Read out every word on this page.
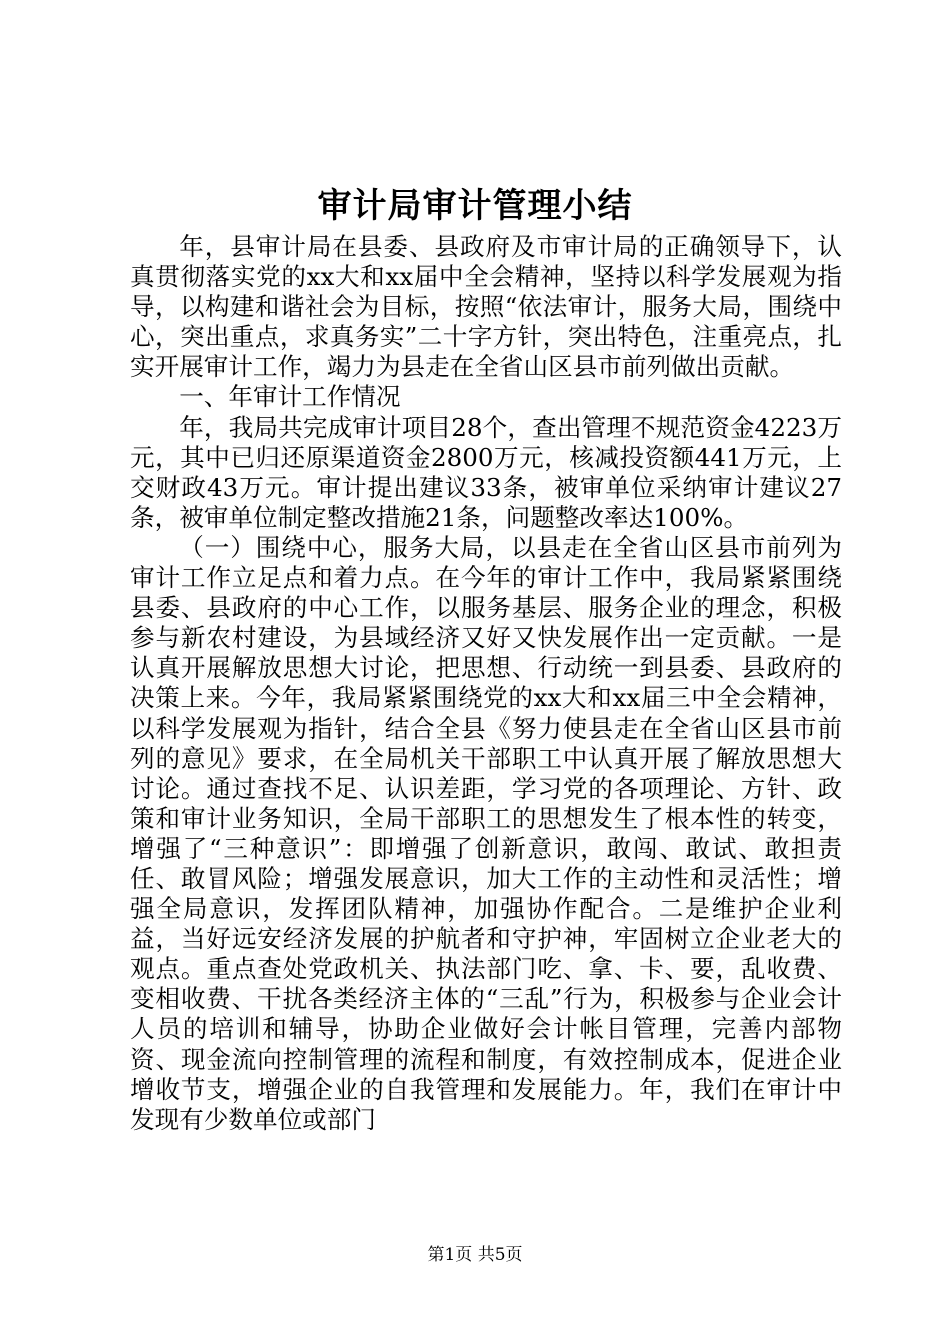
审计局审计管理小结

年，县审计局在县委、县政府及市审计局的正确领导下，认真贯彻落实党的xx大和xx届中全会精神，坚持以科学发展观为指导，以构建和谐社会为目标，按照“依法审计，服务大局，围绕中心，突出重点，求真务实”二十字方针，突出特色，注重亮点，扎实开展审计工作，竭力为县走在全省山区县市前列做出贡献。

一、年审计工作情况

年，我局共完成审计项目28个，查出管理不规范资金4223万元，其中已归还原渠道资金2800万元，核减投资额441万元，上交财政43万元。审计提出建议33条，被审单位采纳审计建议27条，被审单位制定整改措施21条，问题整改率达100%。

（一）围绕中心，服务大局，以县走在全省山区县市前列为审计工作立足点和着力点。在今年的审计工作中，我局紧紧围绕县委、县政府的中心工作，以服务基层、服务企业的理念，积极参与新农村建设，为县域经济又好又快发展作出一定贡献。一是认真开展解放思想大讨论，把思想、行动统一到县委、县政府的决策上来。今年，我局紧紧围绕党的xx大和xx届三中全会精神，以科学发展观为指针，结合全县《努力使县走在全省山区县市前列的意见》要求，在全局机关干部职工中认真开展了解放思想大讨论。通过查找不足、认识差距，学习党的各项理论、方针、政策和审计业务知识，全局干部职工的思想发生了根本性的转变，增强了“三种意识”：即增强了创新意识，敢闯、敢试、敢担责任、敢冒风险；增强发展意识，加大工作的主动性和灵活性；增强全局意识，发挥团队精神，加强协作配合。二是维护企业利益，当好远安经济发展的护航者和守护神，牢固树立企业老大的观点。重点查处党政机关、执法部门吃、拿、卡、要，乱收费、变相收费、干扰各类经济主体的“三乱”行为，积极参与企业会计人员的培训和辅导，协助企业做好会计帐目管理，完善内部物资、现金流向控制管理的流程和制度，有效控制成本，促进企业增收节支，增强企业的自我管理和发展能力。年，我们在审计中发现有少数单位或部门

第1页 共5页
